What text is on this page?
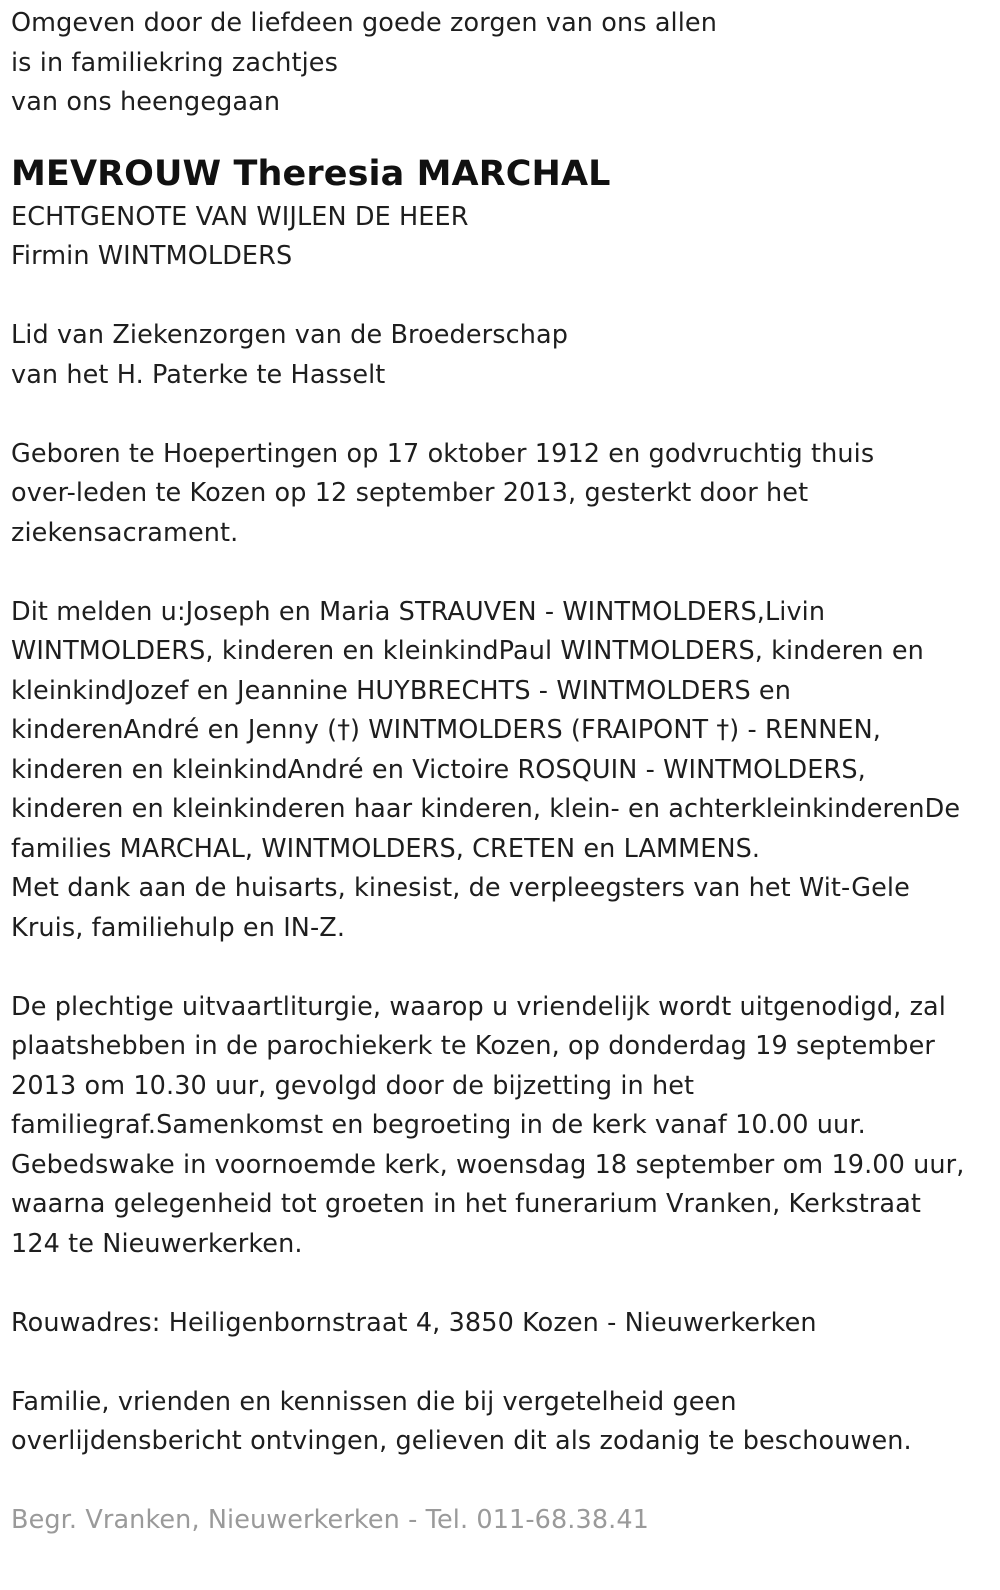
Omgeven door de liefdeen goede zorgen van ons allen
is in familiekring zachtjes
van ons heengegaan
MEVROUW Theresia MARCHAL
ECHTGENOTE VAN WIJLEN DE HEER
Firmin WINTMOLDERS
Lid van Ziekenzorgen van de Broederschap
van het H. Paterke te Hasselt
Geboren te Hoepertingen op 17 oktober 1912 en godvruchtig thuis
over-leden te Kozen op 12 september 2013, gesterkt door het
ziekensacrament.
Dit melden u:Joseph en Maria STRAUVEN - WINTMOLDERS,Livin
WINTMOLDERS, kinderen en kleinkindPaul WINTMOLDERS, kinderen en
kleinkindJozef en Jeannine HUYBRECHTS - WINTMOLDERS en
kinderenAndré en Jenny (†) WINTMOLDERS (FRAIPONT †) - RENNEN,
kinderen en kleinkindAndré en Victoire ROSQUIN - WINTMOLDERS,
kinderen en kleinkinderen haar kinderen, klein- en achterkleinkinderenDe
families MARCHAL, WINTMOLDERS, CRETEN en LAMMENS.
Met dank aan de huisarts, kinesist, de verpleegsters van het Wit-Gele
Kruis, familiehulp en IN-Z.
De plechtige uitvaartliturgie, waarop u vriendelijk wordt uitgenodigd, zal
plaatshebben in de parochiekerk te Kozen, op donderdag 19 september
2013 om 10.30 uur, gevolgd door de bijzetting in het
familiegraf.Samenkomst en begroeting in de kerk vanaf 10.00 uur.
Gebedswake in voornoemde kerk, woensdag 18 september om 19.00 uur,
waarna gelegenheid tot groeten in het funerarium Vranken, Kerkstraat
124 te Nieuwerkerken.
Rouwadres: Heiligenbornstraat 4, 3850 Kozen - Nieuwerkerken
Familie, vrienden en kennissen die bij vergetelheid geen
overlijdensbericht ontvingen, gelieven dit als zodanig te beschouwen.
Begr. Vranken, Nieuwerkerken - Tel. 011-68.38.41
